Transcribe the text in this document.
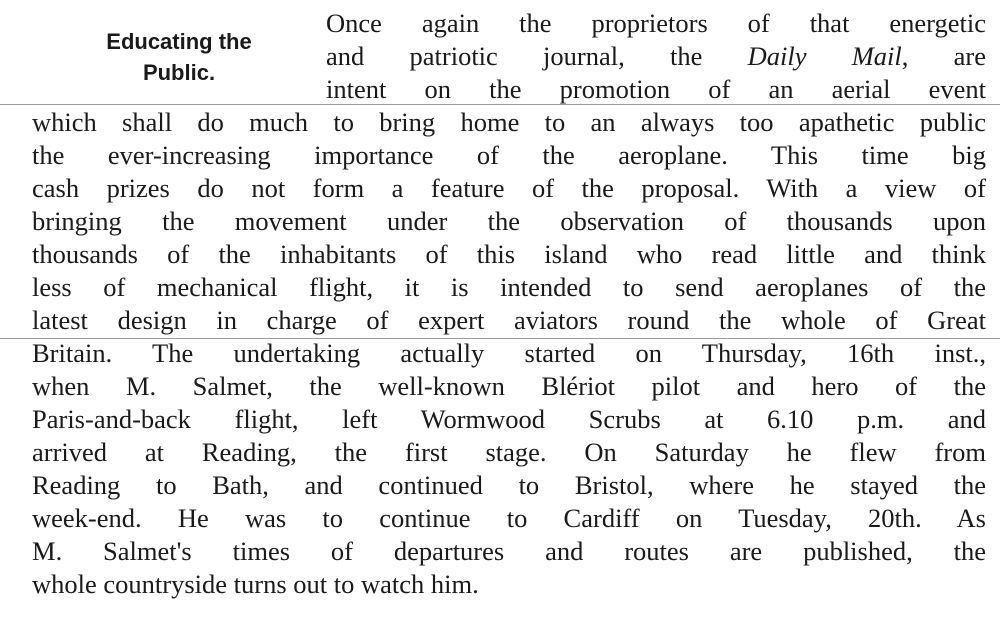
Educating the
Public.
Once again the proprietors of that energetic
and patriotic journal, the Daily Mail, are
intent on the promotion of an aerial event
which shall do much to bring home to an always too apathetic public
the ever-increasing importance of the aeroplane. This time big
cash prizes do not form a feature of the proposal. With a view of
bringing the movement under the observation of thousands upon
thousands of the inhabitants of this island who read little and think
less of mechanical flight, it is intended to send aeroplanes of the
latest design in charge of expert aviators round the whole of Great
Britain. The undertaking actually started on Thursday, 16th inst.,
when M. Salmet, the well-known Blériot pilot and hero of the
Paris-and-back flight, left Wormwood Scrubs at 6.10 p.m. and
arrived at Reading, the first stage. On Saturday he flew from
Reading to Bath, and continued to Bristol, where he stayed the
week-end. He was to continue to Cardiff on Tuesday, 20th. As
M. Salmet's times of departures and routes are published, the
whole countryside turns out to watch him.
